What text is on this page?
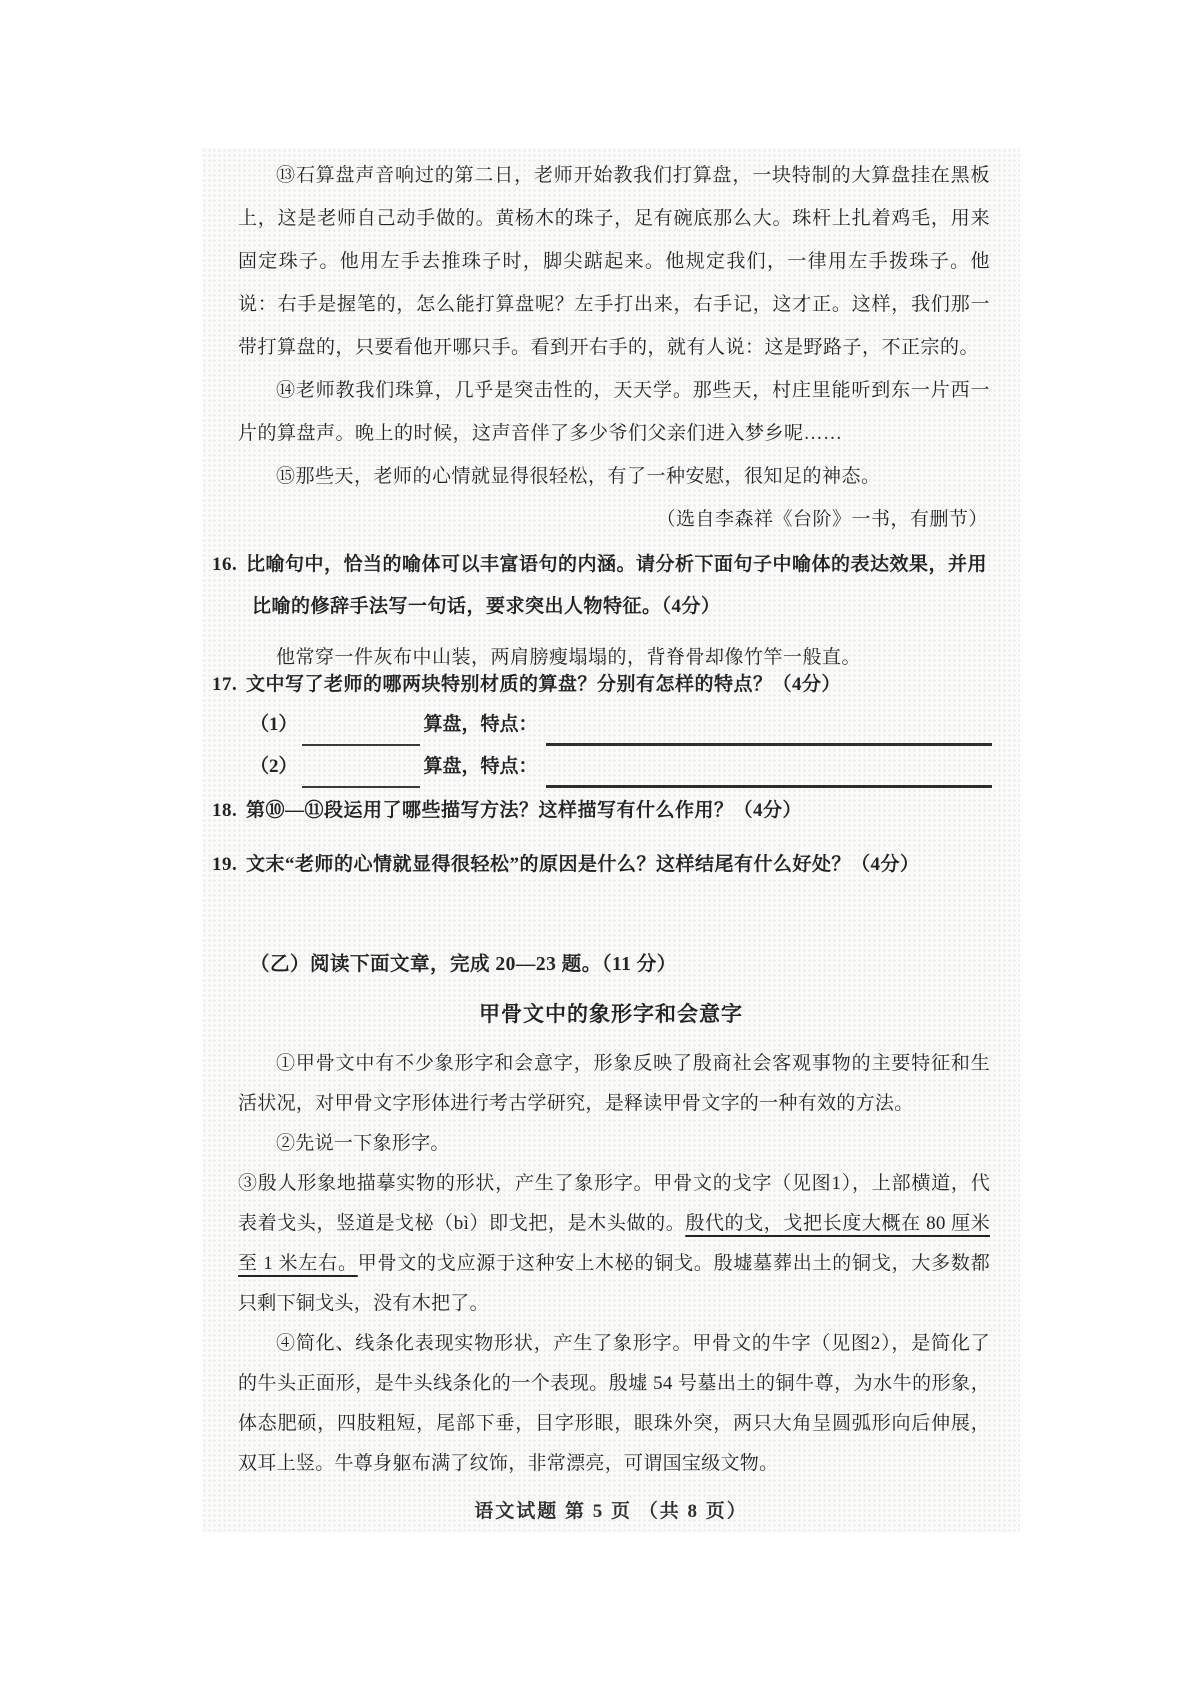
⑬石算盘声音响过的第二日，老师开始教我们打算盘，一块特制的大算盘挂在黑板上，这是老师自己动手做的。黄杨木的珠子，足有碗底那么大。珠杆上扎着鸡毛，用来固定珠子。他用左手去推珠子时，脚尖踮起来。他规定我们，一律用左手拨珠子。他说：右手是握笔的，怎么能打算盘呢？左手打出来，右手记，这才正。这样，我们那一带打算盘的，只要看他开哪只手。看到开右手的，就有人说：这是野路子，不正宗的。

⑭老师教我们珠算，几乎是突击性的，天天学。那些天，村庄里能听到东一片西一片的算盘声。晚上的时候，这声音伴了多少爷们父亲们进入梦乡呢……

⑮那些天，老师的心情就显得很轻松，有了一种安慰，很知足的神态。

（选自李森祥《台阶》一书，有删节）

16. 比喻句中，恰当的喻体可以丰富语句的内涵。请分析下面句子中喻体的表达效果，并用比喻的修辞手法写一句话，要求突出人物特征。（4分）
他常穿一件灰布中山装，两肩膀瘦塌塌的，背脊骨却像竹竿一般直。
17. 文中写了老师的哪两块特别材质的算盘？分别有怎样的特点？（4分）
（1）	算盘，特点：
（2）	算盘，特点：
18. 第⑩—⑪段运用了哪些描写方法？这样描写有什么作用？（4分）
19. 文末“老师的心情就显得很轻松”的原因是什么？这样结尾有什么好处？（4分）
（乙）阅读下面文章，完成 20—23 题。（11 分）
甲骨文中的象形字和会意字

①甲骨文中有不少象形字和会意字，形象反映了殷商社会客观事物的主要特征和生活状况，对甲骨文字形体进行考古学研究，是释读甲骨文字的一种有效的方法。

②先说一下象形字。

③殷人形象地描摹实物的形状，产生了象形字。甲骨文的戈字（见图1），上部横道，代表着戈头，竖道是戈柲（bì）即戈把，是木头做的。殷代的戈，戈把长度大概在 80 厘米至 1 米左右。甲骨文的戈应源于这种安上木柲的铜戈。殷墟墓葬出土的铜戈，大多数都只剩下铜戈头，没有木把了。

④简化、线条化表现实物形状，产生了象形字。甲骨文的牛字（见图2），是简化了的牛头正面形，是牛头线条化的一个表现。殷墟 54 号墓出土的铜牛尊，为水牛的形象，体态肥硕，四肢粗短，尾部下垂，目字形眼，眼珠外突，两只大角呈圆弧形向后伸展，双耳上竖。牛尊身躯布满了纹饰，非常漂亮，可谓国宝级文物。

语文试题 第 5 页 （共 8 页）
